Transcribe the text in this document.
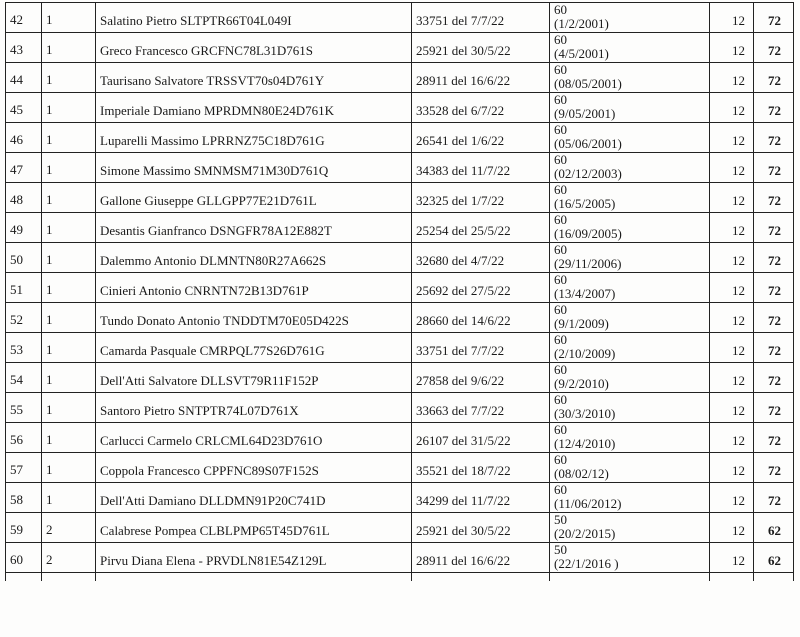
42	1	Salatino Pietro SLTPTR66T04L049I	33751 del 7/7/22	60
(1/2/2001)	12	72
43	1	Greco Francesco GRCFNC78L31D761S	25921 del 30/5/22	60
(4/5/2001)	12	72
44	1	Taurisano Salvatore TRSSVT70s04D761Y	28911 del 16/6/22	60
(08/05/2001)	12	72
45	1	Imperiale Damiano MPRDMN80E24D761K	33528 del 6/7/22	60
(9/05/2001)	12	72
46	1	Luparelli Massimo LPRRNZ75C18D761G	26541 del 1/6/22	60
(05/06/2001)	12	72
47	1	Simone Massimo SMNMSM71M30D761Q	34383 del 11/7/22	60
(02/12/2003)	12	72
48	1	Gallone Giuseppe GLLGPP77E21D761L	32325 del 1/7/22	60
(16/5/2005)	12	72
49	1	Desantis Gianfranco DSNGFR78A12E882T	25254 del 25/5/22	60
(16/09/2005)	12	72
50	1	Dalemmo Antonio DLMNTN80R27A662S	32680 del 4/7/22	60
(29/11/2006)	12	72
51	1	Cinieri Antonio CNRNTN72B13D761P	25692 del 27/5/22	60
(13/4/2007)	12	72
52	1	Tundo Donato Antonio TNDDTM70E05D422S	28660 del 14/6/22	60
(9/1/2009)	12	72
53	1	Camarda Pasquale CMRPQL77S26D761G	33751 del 7/7/22	60
(2/10/2009)	12	72
54	1	Dell'Atti Salvatore DLLSVT79R11F152P	27858 del 9/6/22	60
(9/2/2010)	12	72
55	1	Santoro Pietro SNTPTR74L07D761X	33663 del 7/7/22	60
(30/3/2010)	12	72
56	1	Carlucci Carmelo CRLCML64D23D761O	26107 del 31/5/22	60
(12/4/2010)	12	72
57	1	Coppola Francesco CPPFNC89S07F152S	35521 del 18/7/22	60
(08/02/12)	12	72
58	1	Dell'Atti Damiano DLLDMN91P20C741D	34299 del 11/7/22	60
(11/06/2012)	12	72
59	2	Calabrese Pompea CLBLPMP65T45D761L	25921 del 30/5/22	50
(20/2/2015)	12	62
60	2	Pirvu Diana Elena - PRVDLN81E54Z129L	28911 del 16/6/22	50
(22/1/2016 )	12	62
